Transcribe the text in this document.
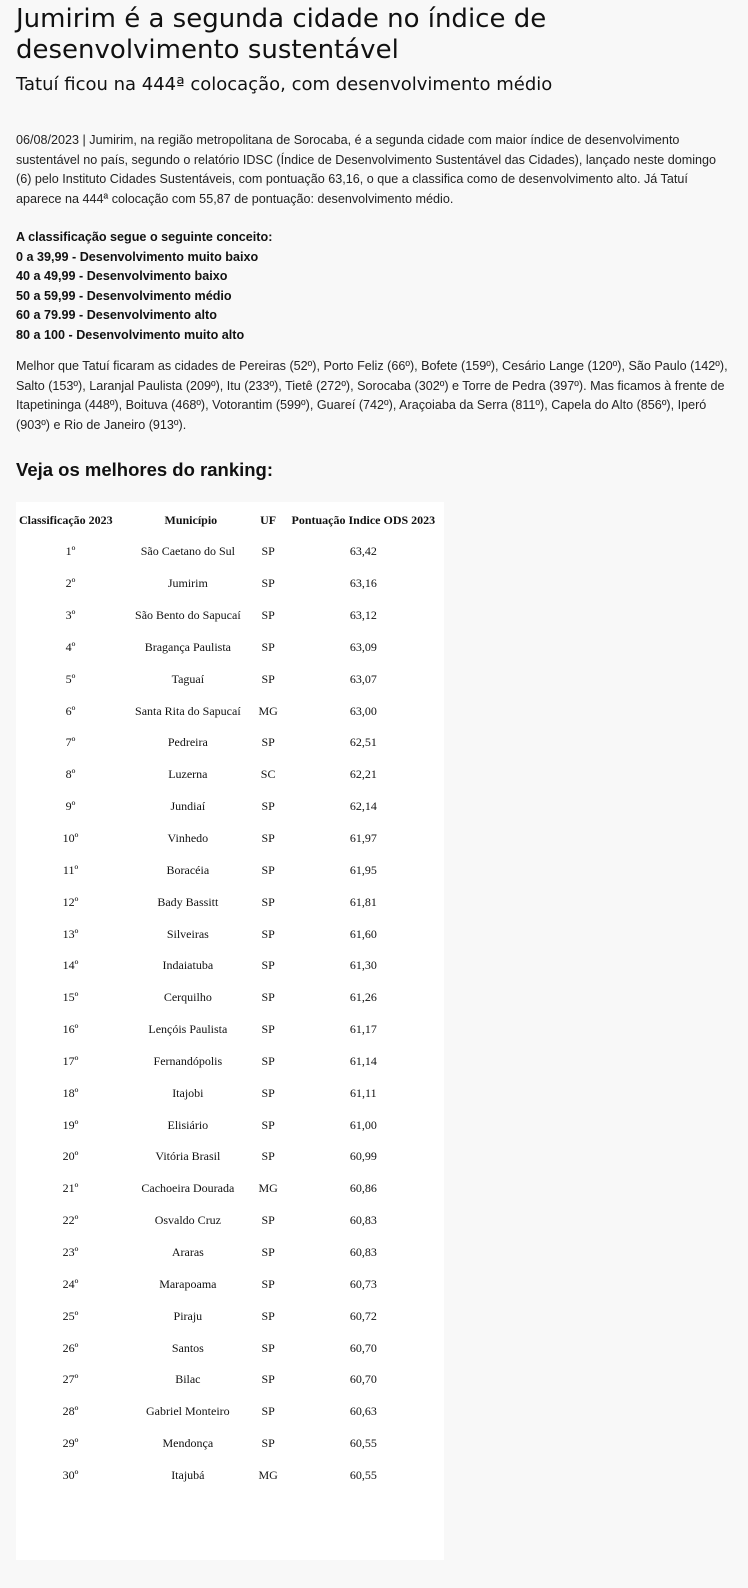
Jumirim é a segunda cidade no índice de desenvolvimento sustentável
Tatuí ficou na 444ª colocação, com desenvolvimento médio

06/08/2023 | Jumirim, na região metropolitana de Sorocaba, é a segunda cidade com maior índice de desenvolvimento sustentável no país, segundo o relatório IDSC (Índice de Desenvolvimento Sustentável das Cidades), lançado neste domingo (6) pelo Instituto Cidades Sustentáveis, com pontuação 63,16, o que a classifica como de desenvolvimento alto. Já Tatuí aparece na 444ª colocação com 55,87 de pontuação: desenvolvimento médio.

A classificação segue o seguinte conceito:
0 a 39,99 - Desenvolvimento muito baixo
40 a 49,99 - Desenvolvimento baixo
50 a 59,99 - Desenvolvimento médio
60 a 79.99 - Desenvolvimento alto
80 a 100 - Desenvolvimento muito alto

Melhor que Tatuí ficaram as cidades de Pereiras (52º), Porto Feliz (66º), Bofete (159º), Cesário Lange (120º), São Paulo (142º), Salto (153º), Laranjal Paulista (209º), Itu (233º), Tietê (272º), Sorocaba (302º) e Torre de Pedra (397º). Mas ficamos à frente de Itapetininga (448º), Boituva (468º), Votorantim (599º), Guareí (742º), Araçoiaba da Serra (811º), Capela do Alto (856º), Iperó (903º) e Rio de Janeiro (913º).

Veja os melhores do ranking:
Classificação 2023	Município	UF	Pontuação Indice ODS 2023
1º	São Caetano do Sul	SP	63,42
2º	Jumirim	SP	63,16
3º	São Bento do Sapucaí	SP	63,12
4º	Bragança Paulista	SP	63,09
5º	Taguaí	SP	63,07
6º	Santa Rita do Sapucaí	MG	63,00
7º	Pedreira	SP	62,51
8º	Luzerna	SC	62,21
9º	Jundiaí	SP	62,14
10º	Vinhedo	SP	61,97
11º	Boracéia	SP	61,95
12º	Bady Bassitt	SP	61,81
13º	Silveiras	SP	61,60
14º	Indaiatuba	SP	61,30
15º	Cerquilho	SP	61,26
16º	Lençóis Paulista	SP	61,17
17º	Fernandópolis	SP	61,14
18º	Itajobi	SP	61,11
19º	Elisiário	SP	61,00
20º	Vitória Brasil	SP	60,99
21º	Cachoeira Dourada	MG	60,86
22º	Osvaldo Cruz	SP	60,83
23º	Araras	SP	60,83
24º	Marapoama	SP	60,73
25º	Piraju	SP	60,72
26º	Santos	SP	60,70
27º	Bilac	SP	60,70
28º	Gabriel Monteiro	SP	60,63
29º	Mendonça	SP	60,55
30º	Itajubá	MG	60,55
